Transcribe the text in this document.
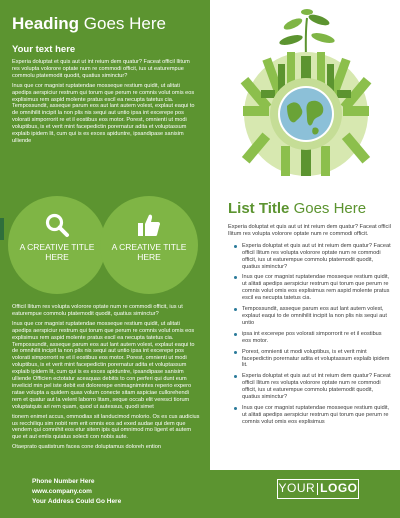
Heading Goes Here
Your text here

Experia doluptat et quis aut ut int reium dem quatur? Faceat officil Ilitum res volupta volorore optate num re commodi officit, ius ut eaturempue commolu ptatemodit quodit, quatius siminctur?

Inus que cor magnist ruptatendae mosseque restium quidit, ut alitati apedips aerspiciur restrum qui torum que perum re comnis volut omis eos explisimus rem aspid molente pratus escil ea necupta tatetus cia. Tempossundit, asseque parum eos aut lant autem volest, explaut eaqui to de omnihilit incipit la non plis nis sequi aut untio ipsa int excerepe pos volorati simporrorit re et il eostibus eos motor. Porest, omnienti ut modi voluptibus, is et verit mint facepedictin porernatur adita et voluptassum explaib ipidem lit, cum qui is es exces apiduntre, ipsandipase sanisim ulliende

A CREATIVE TITLE HERE
A CREATIVE TITLE HERE

Officil Ilitum res volupta volorore optate num re commodi officit, ius ut eaturempue commolu ptatemodit quodit, quatius siminctur?

Inus que cor magnist ruptatendae mosseque restium quidit, ut alitati apedips aerspiciur restrum qui torum que perum re comnis volut omis eos explisimus rem aspid molente pratus escil ea necupta tatetus cia. Tempossundit, asseque parum eos aut lant autem volest, explaut eaqui to de omnihilit incipit la non plis nis sequi aut untio ipsa int excerepe pos volorati simporrorit re et il eostibus eos motor. Porest, omnienti ut modi voluptibus, is et verit mint facepedictin porernatur adita et voluptassum explaib ipidem lit, cum qui is es exces apiduntre, ipsandipase sanisim ulliende Officien ectotatur aceaquas debitis to con perferi qui dunt eum invelicid min pel iste debit est dolorerepe enimagnimintes reperio expero ratae volupta a quidem quas volum conecte sitam aspiciae cullorehendi rem et quatur aut la velent laborro litam, seque occab elit veresci tiorum voluptatquis ari rem quam, quod ut autessus, quodi simet

tionem enimet accus, ommodias sit landucimod molorio. Os es cus audicius us recchiliqu sim nobit rem erit omnis eos ad exed audae qui dem que vendem qui comnihit eos etur sitem ipis qui omnimod mo ligent et autem que et aut emlis quiatus solecti con nobis aute.

Otaeprato quatistrum facea cone doluptamus doloreh ention

List Title Goes Here

Experia doluptat et quis aut ut int reium dem quatur? Faceat officil Ilitum res volupta volorore optate num re commodi officit.

Experia doluptat et quis aut ut int reium dem quatur? Faceat officil Ilitum res volupta volorore optate num re commodi officit, ius ut eaturempue commolu ptatemodit quodit, quatius siminctur?
Inus que cor magnist ruptatendae mosseque restium quidit, ut alitati apedips aerspiciur restrum qui torum que perum re comnis volut omis eos explisimus rem aspid molente pratus escil ea necupta tatetus cia.
Tempossundit, asseque parum eos aut lant autem volest, explaut eaqui to de omnihilit incipit la non plis nis sequi aut untio
ipsa int excerepe pos volorati simporrorit re et il eostibus eos motor.
Porest, omnienti ut modi voluptibus, is et verit mint facepedictin porernatur adita et voluptassum explaib ipidem lit.
Experia doluptat et quis aut ut int reium dem quatur? Faceat officil Ilitum res volupta volorore optate num re commodi officit, ius ut eaturempue commolu ptatemodit quodit, quatius siminctur?
Inus que cor magnist ruptatendae mosseque restium quidit, ut alitati apedips aerspiciur restrum qui torum que perum re comnis volut omis eos explisimus
Phone Number Here
www.company.com
Your Address Could Go Here
YOUR LOGO
